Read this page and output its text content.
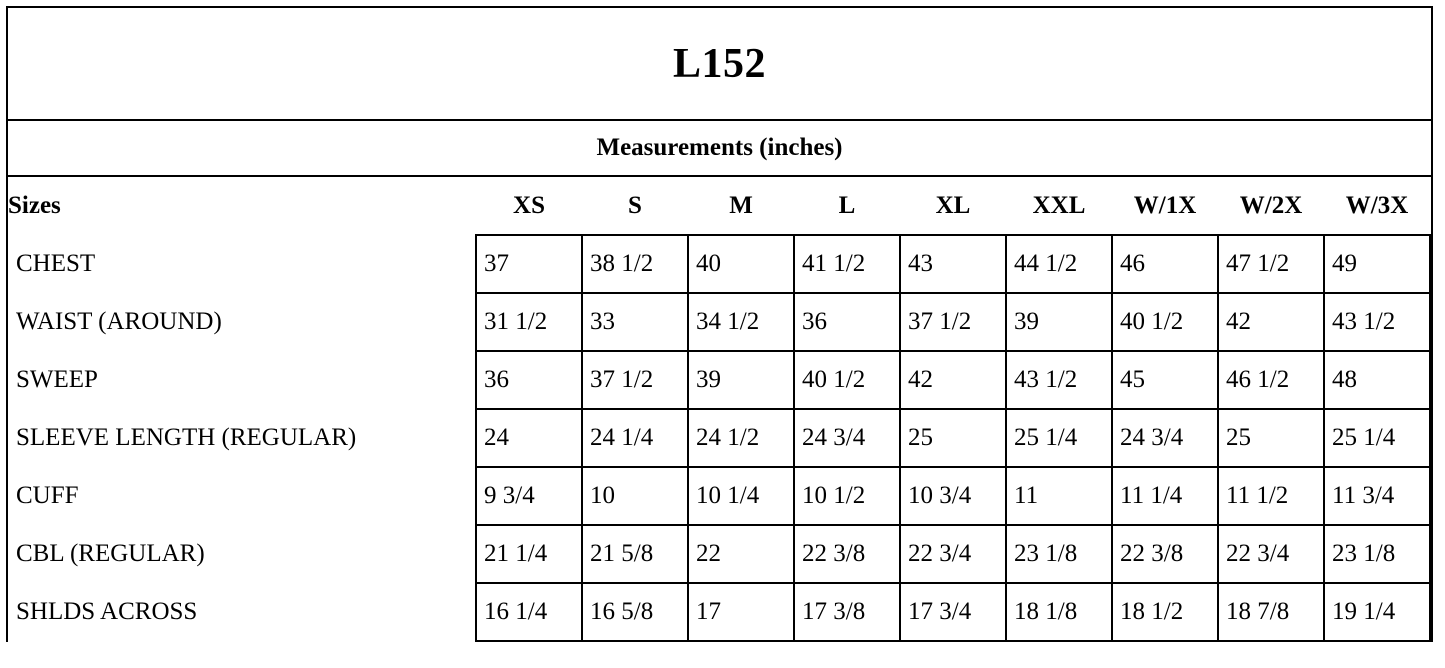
L152
Measurements (inches)
Sizes	XS	S	M	L	XL	XXL	W/1X	W/2X	W/3X
CHEST	37	38 1/2	40	41 1/2	43	44 1/2	46	47 1/2	49
WAIST (AROUND)	31 1/2	33	34 1/2	36	37 1/2	39	40 1/2	42	43 1/2
SWEEP	36	37 1/2	39	40 1/2	42	43 1/2	45	46 1/2	48
SLEEVE LENGTH (REGULAR)	24	24 1/4	24 1/2	24 3/4	25	25 1/4	24 3/4	25	25 1/4
CUFF	9 3/4	10	10 1/4	10 1/2	10 3/4	11	11 1/4	11 1/2	11 3/4
CBL (REGULAR)	21 1/4	21 5/8	22	22 3/8	22 3/4	23 1/8	22 3/8	22 3/4	23 1/8
SHLDS ACROSS	16 1/4	16 5/8	17	17 3/8	17 3/4	18 1/8	18 1/2	18 7/8	19 1/4
